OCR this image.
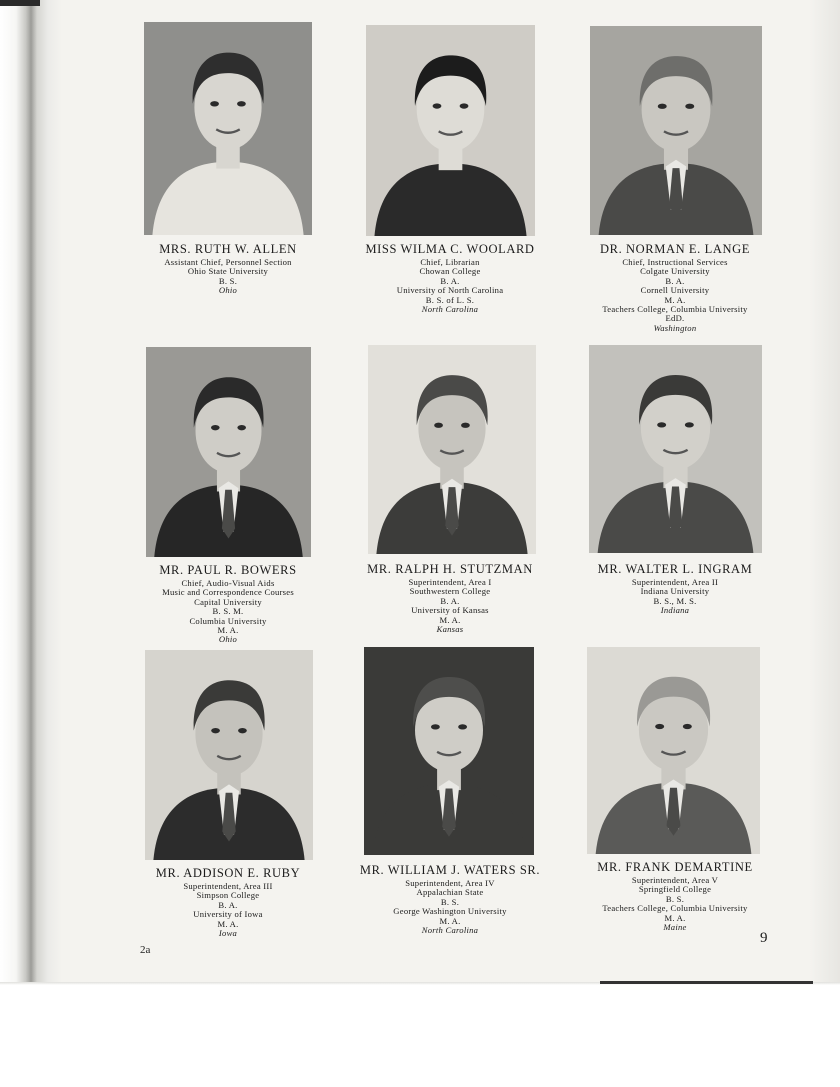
MRS. RUTH W. ALLEN
Assistant Chief, Personnel Section
Ohio State University
B. S.
Ohio
MISS WILMA C. WOOLARD
Chief, Librarian
Chowan College
B. A.
University of North Carolina
B. S. of L. S.
North Carolina
DR. NORMAN E. LANGE
Chief, Instructional Services
Colgate University
B. A.
Cornell University
M. A.
Teachers College, Columbia University
EdD.
Washington
MR. PAUL R. BOWERS
Chief, Audio-Visual Aids
Music and Correspondence Courses
Capital University
B. S. M.
Columbia University
M. A.
Ohio
MR. RALPH H. STUTZMAN
Superintendent, Area I
Southwestern College
B. A.
University of Kansas
M. A.
Kansas
MR. WALTER L. INGRAM
Superintendent, Area II
Indiana University
B. S., M. S.
Indiana
MR. ADDISON E. RUBY
Superintendent, Area III
Simpson College
B. A.
University of Iowa
M. A.
Iowa
MR. WILLIAM J. WATERS SR.
Superintendent, Area IV
Appalachian State
B. S.
George Washington University
M. A.
North Carolina
MR. FRANK DEMARTINE
Superintendent, Area V
Springfield College
B. S.
Teachers College, Columbia University
M. A.
Maine
2a
9
